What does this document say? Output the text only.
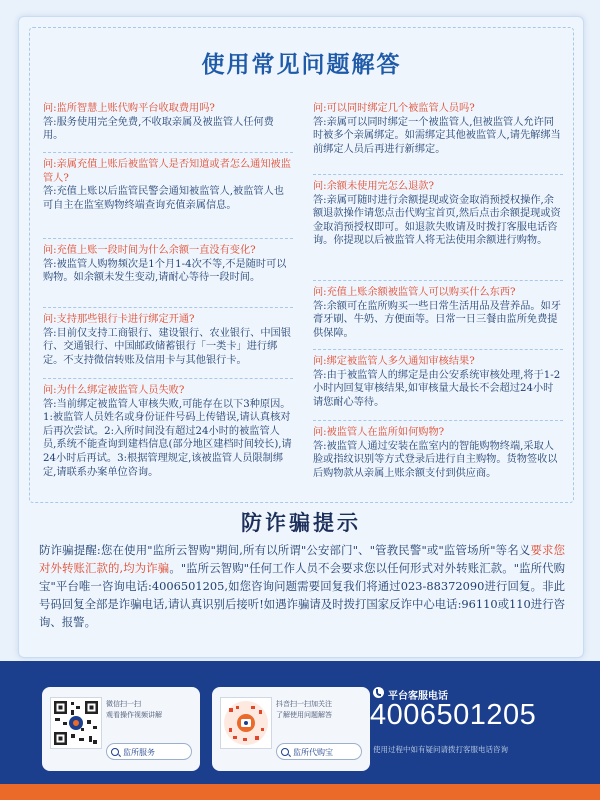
使用常见问题解答
问:监所智慧上账代购平台收取费用吗?
答:服务使用完全免费,不收取亲属及被监管人任何费用。
问:亲属充值上账后被监管人是否知道或者怎么通知被监管人?
答:充值上账以后监管民警会通知被监管人,被监管人也可自主在监室购物终端查询充值亲属信息。
问:充值上账一段时间为什么余额一直没有变化?
答:被监管人购物频次是1个月1-4次不等,不是随时可以购物。如余额未发生变动,请耐心等待一段时间。
问:支持那些银行卡进行绑定开通?
答:目前仅支持工商银行、建设银行、农业银行、中国银行、交通银行、中国邮政储蓄银行「一类卡」进行绑定。不支持微信转账及信用卡与其他银行卡。
问:为什么绑定被监管人员失败?
答:当前绑定被监管人审核失败,可能存在以下3种原因。1:被监管人员姓名或身份证件号码上传错误,请认真核对后再次尝试。2:入所时间没有超过24小时的被监管人员,系统不能查询到建档信息(部分地区建档时间较长),请24小时后再试。3:根据管理规定,该被监管人员限制绑定,请联系办案单位咨询。
问:可以同时绑定几个被监管人员吗?
答:亲属可以同时绑定一个被监管人,但被监管人允许同时被多个亲属绑定。如需绑定其他被监管人,请先解绑当前绑定人员后再进行新绑定。
问:余额未使用完怎么退款?
答:亲属可随时进行余额提现或资金取消预授权操作,余额退款操作请您点击代购宝首页,然后点击余额提现或资金取消预授权即可。如退款失败请及时拨打客服电话咨询。你提现以后被监管人将无法使用余额进行购物。
问:充值上账余额被监管人可以购买什么东西?
答:余额可在监所购买一些日常生活用品及营养品。如牙膏牙刷、牛奶、方便面等。日常一日三餐由监所免费提供保障。
问:绑定被监管人多久通知审核结果?
答:由于被监管人的绑定是由公安系统审核处理,将于1-2小时内回复审核结果,如审核量大最长不会超过24小时请您耐心等待。
问:被监管人在监所如何购物?
答:被监管人通过安装在监室内的智能购物终端,采取人脸或指纹识别等方式登录后进行自主购物。货物签收以后购物款从亲属上账余额支付到供应商。
防诈骗提示
防诈骗提醒:您在使用"监所云智购"期间,所有以所谓"公安部门"、"管教民警"或"监管场所"等名义要求您对外转账汇款的,均为诈骗。"监所云智购"任何工作人员不会要求您以任何形式对外转账汇款。"监所代购宝"平台唯一咨询电话:4006501205,如您咨询问题需要回复我们将通过023-88372090进行回复。非此号码回复全部是诈骗电话,请认真识别后接听!如遇诈骗请及时拨打国家反诈中心电话:96110或110进行咨询、报警。
微信扫一扫
观看操作视频讲解
监所服务
抖音扫一扫加关注
了解使用问题解答
监所代购宝
平台客服电话
4006501205
使用过程中如有疑问请拨打客服电话咨询
